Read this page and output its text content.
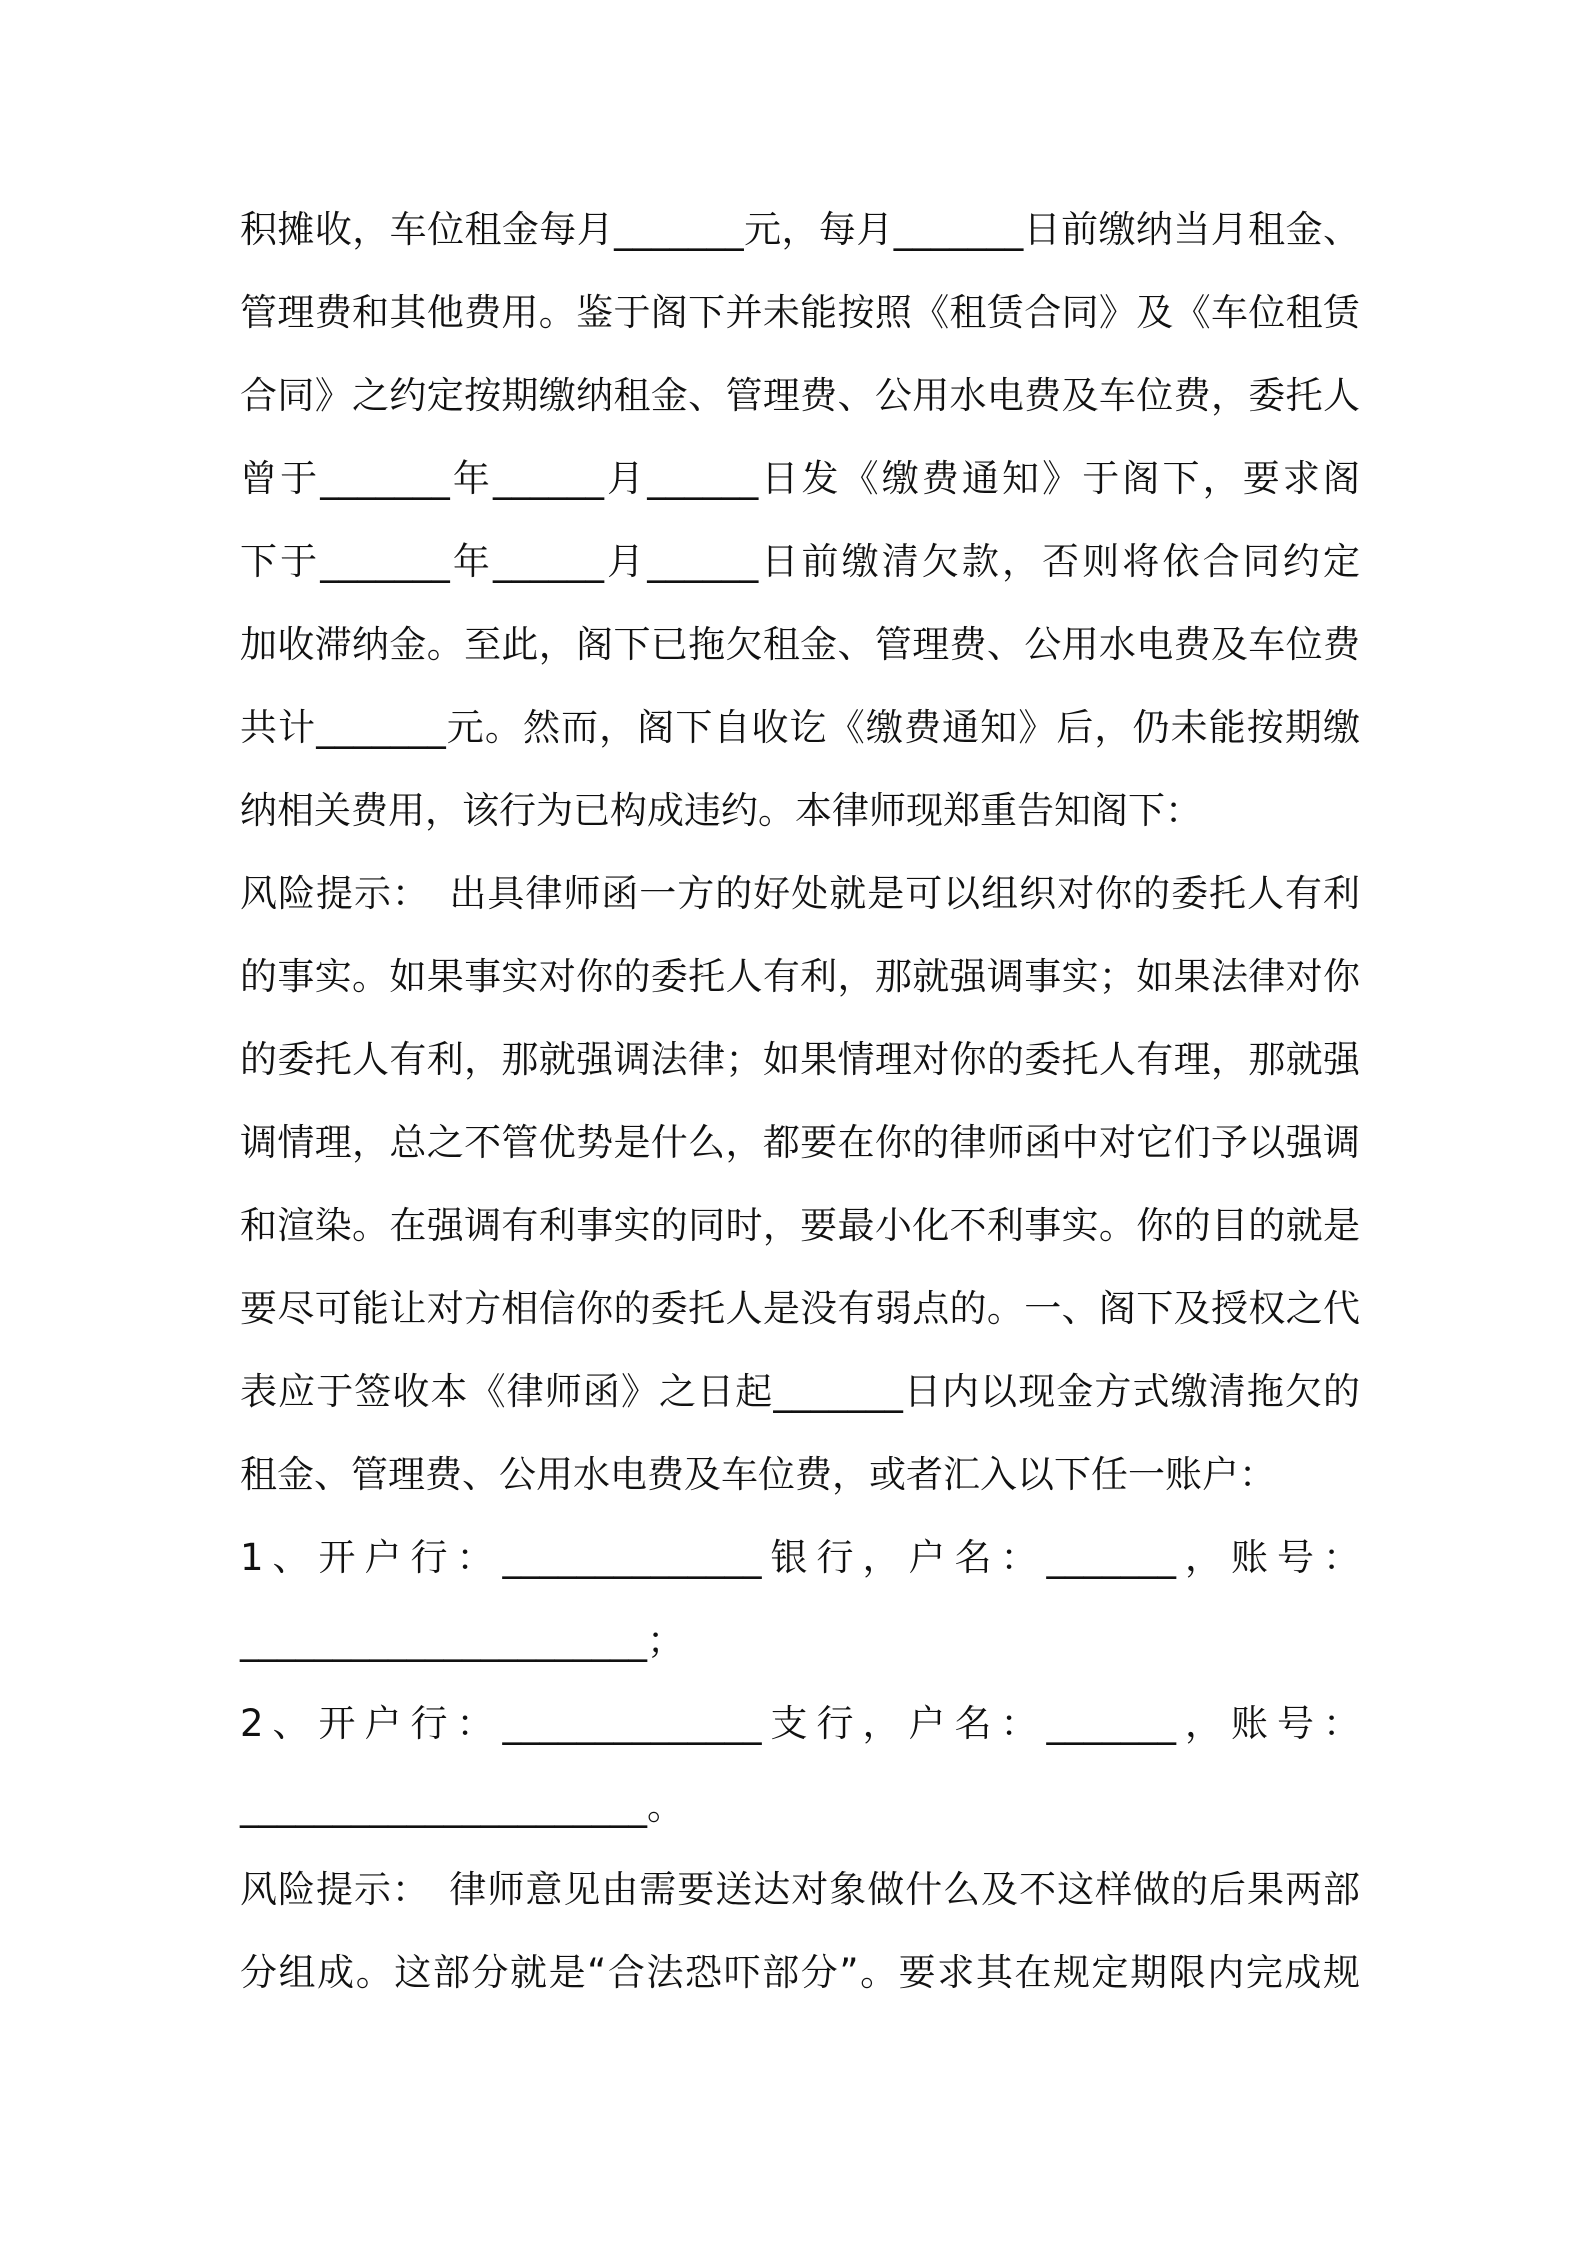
积摊收，车位租金每月_______元，每月_______日前缴纳当月租金、
管理费和其他费用。鉴于阁下并未能按照《租赁合同》及《车位租赁
合同》之约定按期缴纳租金、管理费、公用水电费及车位费，委托人
曾于_______年______月______日发《缴费通知》于阁下，要求阁
下于_______年______月______日前缴清欠款，否则将依合同约定
加收滞纳金。至此，阁下已拖欠租金、管理费、公用水电费及车位费
共计_______元。然而，阁下自收讫《缴费通知》后，仍未能按期缴
纳相关费用，该行为已构成违约。本律师现郑重告知阁下：
风险提示：　出具律师函一方的好处就是可以组织对你的委托人有利
的事实。如果事实对你的委托人有利，那就强调事实；如果法律对你
的委托人有利，那就强调法律；如果情理对你的委托人有理，那就强
调情理，总之不管优势是什么，都要在你的律师函中对它们予以强调
和渲染。在强调有利事实的同时，要最小化不利事实。你的目的就是
要尽可能让对方相信你的委托人是没有弱点的。一、阁下及授权之代
表应于签收本《律师函》之日起_______日内以现金方式缴清拖欠的
租金、管理费、公用水电费及车位费，或者汇入以下任一账户：
1、开户行：______________银行，户名：_______，账号：
______________________；
2、开户行：______________支行，户名：_______，账号：
______________________。
风险提示：　律师意见由需要送达对象做什么及不这样做的后果两部
分组成。这部分就是“合法恐吓部分”。要求其在规定期限内完成规
